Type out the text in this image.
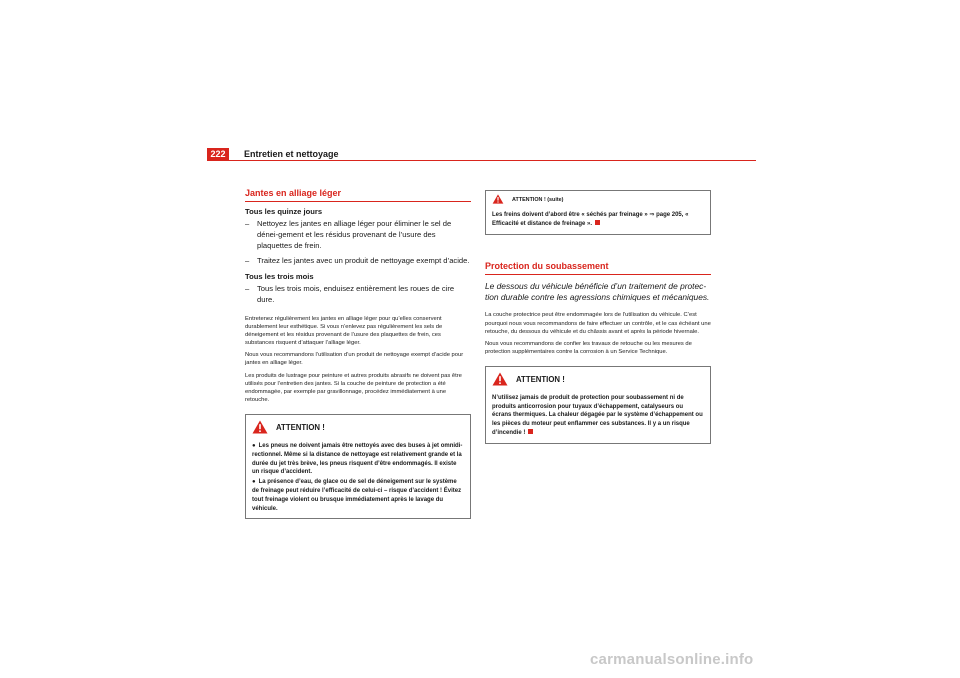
222	Entretien et nettoyage
Jantes en alliage léger
Tous les quinze jours
– Nettoyez les jantes en alliage léger pour éliminer le sel de dénei-gement et les résidus provenant de l’usure des plaquettes de frein.
– Traitez les jantes avec un produit de nettoyage exempt d’acide.
Tous les trois mois
– Tous les trois mois, enduisez entièrement les roues de cire dure.
Entretenez régulièrement les jantes en alliage léger pour qu’elles conservent durablement leur esthétique. Si vous n’enlevez pas régulièrement les sels de déneigement et les résidus provenant de l’usure des plaquettes de frein, ces substances risquent d’attaquer l’alliage léger.
Nous vous recommandons l’utilisation d’un produit de nettoyage exempt d’acide pour jantes en alliage léger.
Les produits de lustrage pour peinture et autres produits abrasifs ne doivent pas être utilisés pour l’entretien des jantes. Si la couche de peinture de protection a été endommagée, par exemple par gravillonnage, procédez immédiatement à une retouche.
ATTENTION !
● Les pneus ne doivent jamais être nettoyés avec des buses à jet omnidi-rectionnel. Même si la distance de nettoyage est relativement grande et la durée du jet très brève, les pneus risquent d’être endommagés. Il existe un risque d’accident.
● La présence d’eau, de glace ou de sel de déneigement sur le système de freinage peut réduire l’efficacité de celui-ci – risque d’accident ! Évitez tout freinage violent ou brusque immédiatement après le lavage du véhicule.
ATTENTION ! (suite)
Les freins doivent d’abord être « séchés par freinage » ⇒ page 205, « Efficacité et distance de freinage ».
Protection du soubassement
Le dessous du véhicule bénéficie d’un traitement de protec-tion durable contre les agressions chimiques et mécaniques.
La couche protectrice peut être endommagée lors de l’utilisation du véhicule. C’est pourquoi nous vous recommandons de faire effectuer un contrôle, et le cas échéant une retouche, du dessous du véhicule et du châssis avant et après la période hivernale.
Nous vous recommandons de confier les travaux de retouche ou les mesures de protection supplémentaires contre la corrosion à un Service Technique.
ATTENTION !
N’utilisez jamais de produit de protection pour soubassement ni de produits anticorrosion pour tuyaux d’échappement, catalyseurs ou écrans thermiques. La chaleur dégagée par le système d’échappement ou les pièces du moteur peut enflammer ces substances. Il y a un risque d’incendie !
carmanualsonline.info
